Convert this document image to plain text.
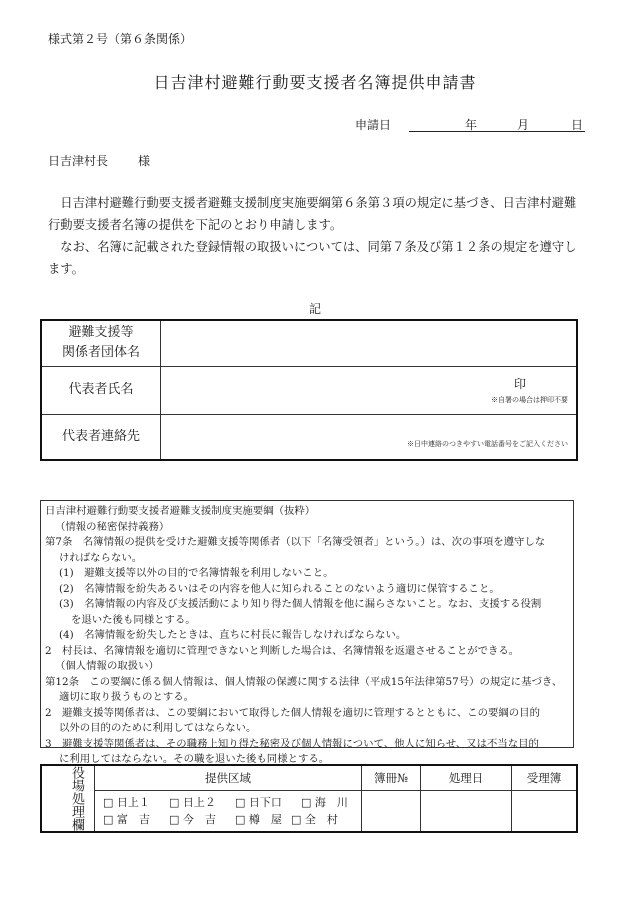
様式第２号（第６条関係）
日吉津村避難行動要支援者名簿提供申請書
申請日	年	月	日
日吉津村長	様

日吉津村避難行動要支援者避難支援制度実施要綱第６条第３項の規定に基づき、日吉津村避難行動要支援者名簿の提供を下記のとおり申請します。

なお、名簿に記載された登録情報の取扱いについては、同第７条及び第１２条の規定を遵守します。

記
避難支援等
関係者団体名	

代表者氏名	印
※自署の場合は押印不要

代表者連絡先	※日中連絡のつきやすい電話番号をご記入ください
日吉津村避難行動要支援者避難支援制度実施要綱（抜粋）
（情報の秘密保持義務）
第7条　名簿情報の提供を受けた避難支援等関係者（以下「名簿受領者」という。）は、次の事項を遵守しな
ければならない。
(1)　避難支援等以外の目的で名簿情報を利用しないこと。
(2)　名簿情報を紛失あるいはその内容を他人に知られることのないよう適切に保管すること。
(3)　名簿情報の内容及び支援活動により知り得た個人情報を他に漏らさないこと。なお、支援する役割
を退いた後も同様とする。
(4)　名簿情報を紛失したときは、直ちに村長に報告しなければならない。
2　村長は、名簿情報を適切に管理できないと判断した場合は、名簿情報を返還させることができる。
（個人情報の取扱い）
第12条　この要綱に係る個人情報は、個人情報の保護に関する法律（平成15年法律第57号）の規定に基づき、
適切に取り扱うものとする。
2　避難支援等関係者は、この要綱において取得した個人情報を適切に管理するとともに、この要綱の目的
以外の目的のために利用してはならない。
3　避難支援等関係者は、その職務上知り得た秘密及び個人情報について、他人に知らせ、又は不当な目的
に利用してはならない。その職を退いた後も同様とする。
役場処理欄	提供区域	簿冊№	処理日	受理簿
	□ 日上１ □ 日上２ □ 日下口 □ 海　川
□ 富　吉 □ 今　吉 □ 樽　屋 □ 全　村			
